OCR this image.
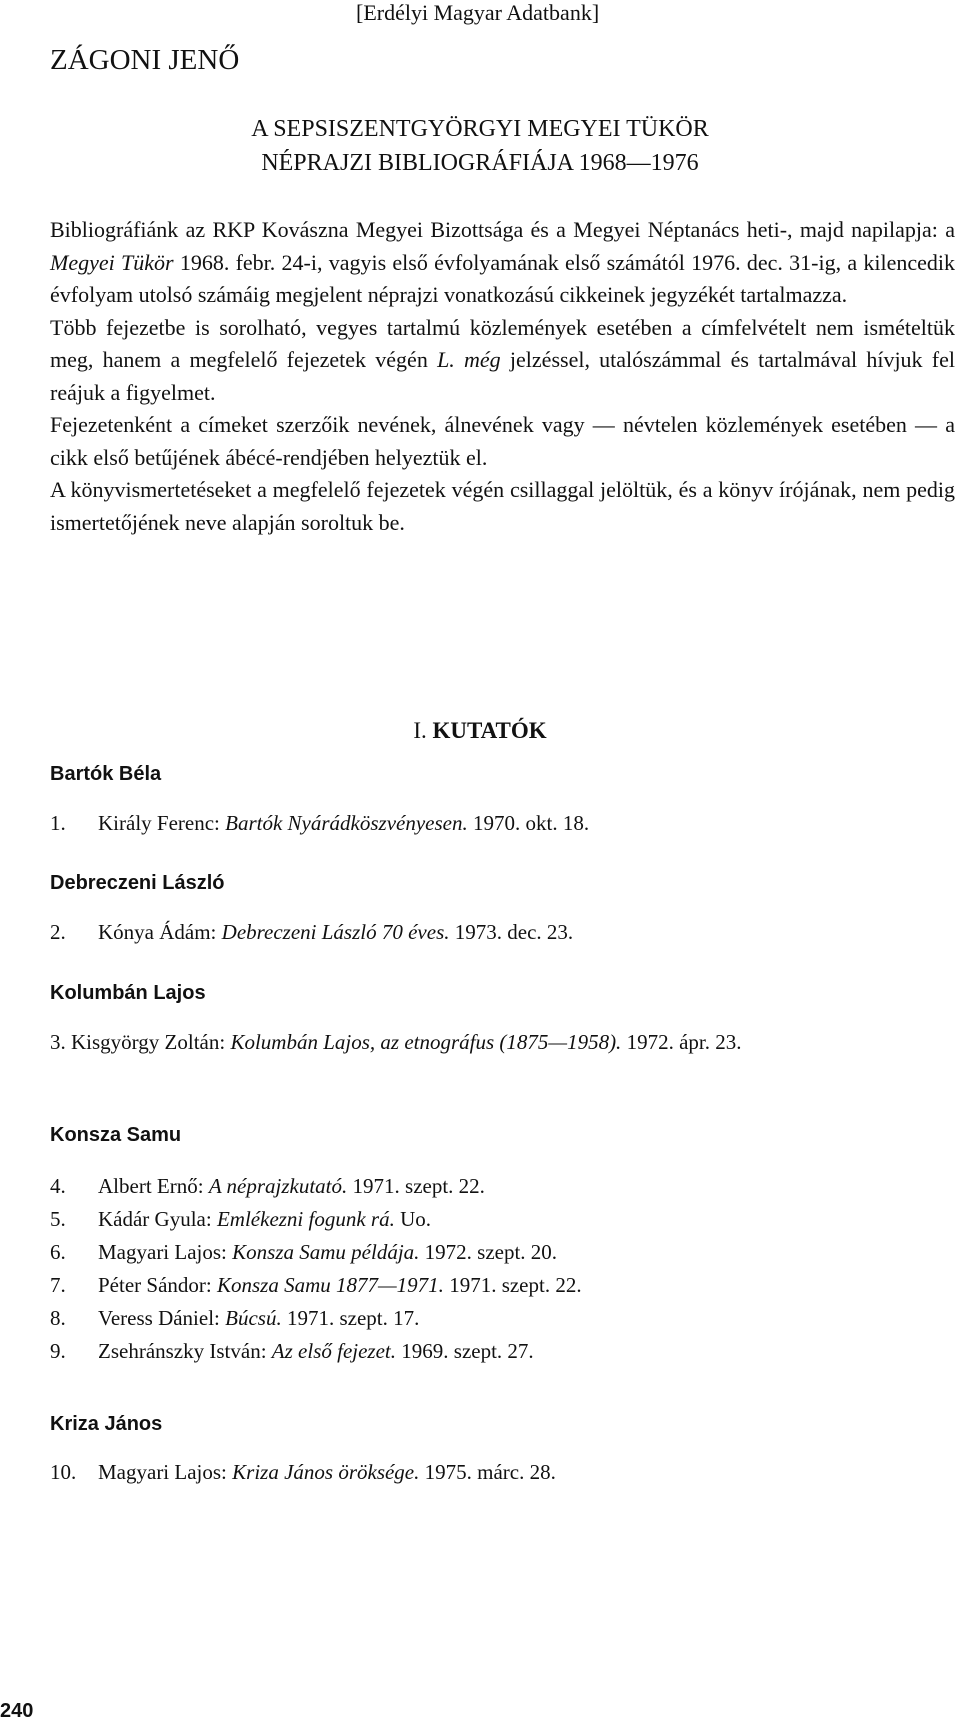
[Erdélyi Magyar Adatbank]
ZÁGONI JENŐ
A SEPSISZENTGYÖRGYI MEGYEI TÜKÖR
NÉPRAJZI BIBLIOGRÁFIÁJA 1968—1976

Bibliográfiánk az RKP Kovászna Megyei Bizottsága és a Megyei Néptanács heti-, majd napilapja: a Megyei Tükör 1968. febr. 24-i, vagyis első évfolyamának első számától 1976. dec. 31-ig, a kilencedik évfolyam utolsó számáig megjelent néprajzi vonatkozású cikkeinek jegyzékét tartalmazza.

Több fejezetbe is sorolható, vegyes tartalmú közlemények esetében a címfelvételt nem ismételtük meg, hanem a megfelelő fejezetek végén L. még jelzéssel, utalószámmal és tartalmával hívjuk fel reájuk a figyelmet.

Fejezetenként a címeket szerzőik nevének, álnevének vagy — névtelen közlemények esetében — a cikk első betűjének ábécé-rendjében helyeztük el.

A könyvismertetéseket a megfelelő fejezetek végén csillaggal jelöltük, és a könyv írójának, nem pedig ismertetőjének neve alapján soroltuk be.

I. KUTATÓK
Bartók Béla
1.	Király Ferenc: Bartók Nyárádköszvényesen. 1970. okt. 18.
Debreczeni László
2.	Kónya Ádám: Debreczeni László 70 éves. 1973. dec. 23.
Kolumbán Lajos
3. Kisgyörgy Zoltán: Kolumbán Lajos, az etnográfus (1875—1958). 1972. ápr. 23.
Konsza Samu
4.	Albert Ernő: A néprajzkutató. 1971. szept. 22.
5.	Kádár Gyula: Emlékezni fogunk rá. Uo.
6.	Magyari Lajos: Konsza Samu példája. 1972. szept. 20.
7.	Péter Sándor: Konsza Samu 1877—1971. 1971. szept. 22.
8.	Veress Dániel: Búcsú. 1971. szept. 17.
9.	Zsehránszky István: Az első fejezet. 1969. szept. 27.
Kriza János
10.	Magyari Lajos: Kriza János öröksége. 1975. márc. 28.
240
